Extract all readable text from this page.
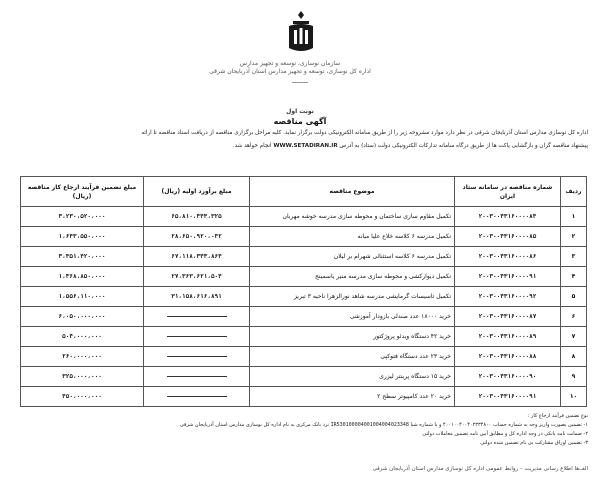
سازمان نوسازی، توسعه و تجهیز مدارس
اداره کل نوسازی، توسعه و تجهیز مدارس استان آذربایجان شرقی
نوبت اول
آگهی مناقصه

اداره کل نوسازی مدارس استان آذربایجان شرقی در نظر دارد موارد مشروحه زیر را از طریق سامانه الکترونیکی دولت برگزار نماید. کلیه مراحل برگزاری مناقصه از دریافت اسناد مناقصه تا ارائه

پیشنهاد مناقصه گران و بازگشایی پاکت ها از طریق درگاه سامانه تدارکات الکترونیکی دولت (ستاد) به آدرس WWW.SETADIRAN.IR انجام خواهد شد.

ردیف	شماره مناقصه در سامانه ستاد ایران	موضوع مناقصه	مبلغ برآورد اولیه (ریال)	مبلغ تضمین فرآیند ارجاع کار مناقصه (ریال)
۱	۲۰۰۳۰۰۴۳۱۶۰۰۰۰۸۴	تکمیل مقاوم سازی ساختمان و محوطه سازی مدرسه خوشه مهربان	۶۵،۸۱۰،۴۴۴،۳۲۵	۳،۲۳۰،۵۲۰،۰۰۰
۲	۲۰۰۳۰۰۴۳۱۶۰۰۰۰۸۵	تکمیل مدرسه ۶ کلاسه خلاع علیا میانه	۲۸،۶۵۰،۹۲۰،۰۴۲	۱،۶۴۳،۵۵۰،۰۰۰
۳	۲۰۰۳۰۰۴۳۱۶۰۰۰۰۸۶	تکمیل مدرسه ۶ کلاسه استثنائی شهرام بر لیلان	۶۷،۱۱۸،۳۴۳،۸۶۴	۳،۳۵۱،۴۲۰،۰۰۰
۴	۲۰۰۳۰۰۴۳۱۶۰۰۰۰۹۱	تکمیل دیوارکشی و محوطه سازی مدرسه منیر یاسمینج	۲۷،۳۶۳،۶۲۱،۵۰۴	۱،۳۶۸،۸۵۰،۰۰۰
۵	۲۰۰۳۰۰۴۳۱۶۰۰۰۰۹۲	تکمیل تاسیسات گرمایشی مدرسه شاهد نورالزهرا ناحیه ۳ تبریز	۳۱،۱۵۸،۶۱۶،۸۹۱	۱،۵۵۶،۱۱۰،۰۰۰
۶	۲۰۰۳۰۰۴۳۱۶۰۰۰۰۸۷	خرید ۱۸۰۰۰ عدد صندلی بازودار آموزشی		۶،۰۵۰،۰۰۰،۰۰۰
۷	۲۰۰۳۰۰۴۳۱۶۰۰۰۰۸۹	خرید ۴۲ دستگاه ویدئو پروژکتور		۵۰۴،۰۰۰،۰۰۰
۸	۲۰۰۳۰۰۴۳۱۶۰۰۰۰۸۸	خرید ۲۳ عدد دستگاه فتوکپی		۲۶۰،۰۰۰،۰۰۰
۹	۲۰۰۳۰۰۴۳۱۶۰۰۰۰۹۰	خرید ۱۵ دستگاه پرینتر لیزری		۳۲۵،۰۰۰،۰۰۰
۱۰	۲۰۰۳۰۰۴۳۱۶۰۰۰۰۹۱	خرید ۲۰ عدد کامپیوتر سطح ۲		۴۵۰،۰۰۰،۰۰۰

نوع تضمین فرآیند ارجاع کار :

۱- تضمین بصورت واریز وجه به شماره حساب ۴۰۰۱۰۰۴۰۰۴۰۲۳۳۴۸۰۰ و یا شماره شبا IR530100004001004004023348 نزد بانک مرکزی به نام اداره کل نوسازی مدارس استان آذربایجان شرقی

۲- ضمانت نامه بانکی در وجه اداره کل و مطابق آیین نامه تضمین معاملات دولتی

۳- تضمین اوراق مشارکت بی نام تضمین شده دولتی

الف‌ها اطلاع رسانی مدیریت – روابط عمومی اداره کل نوسازی مدارس استان آذربایجان شرقی
